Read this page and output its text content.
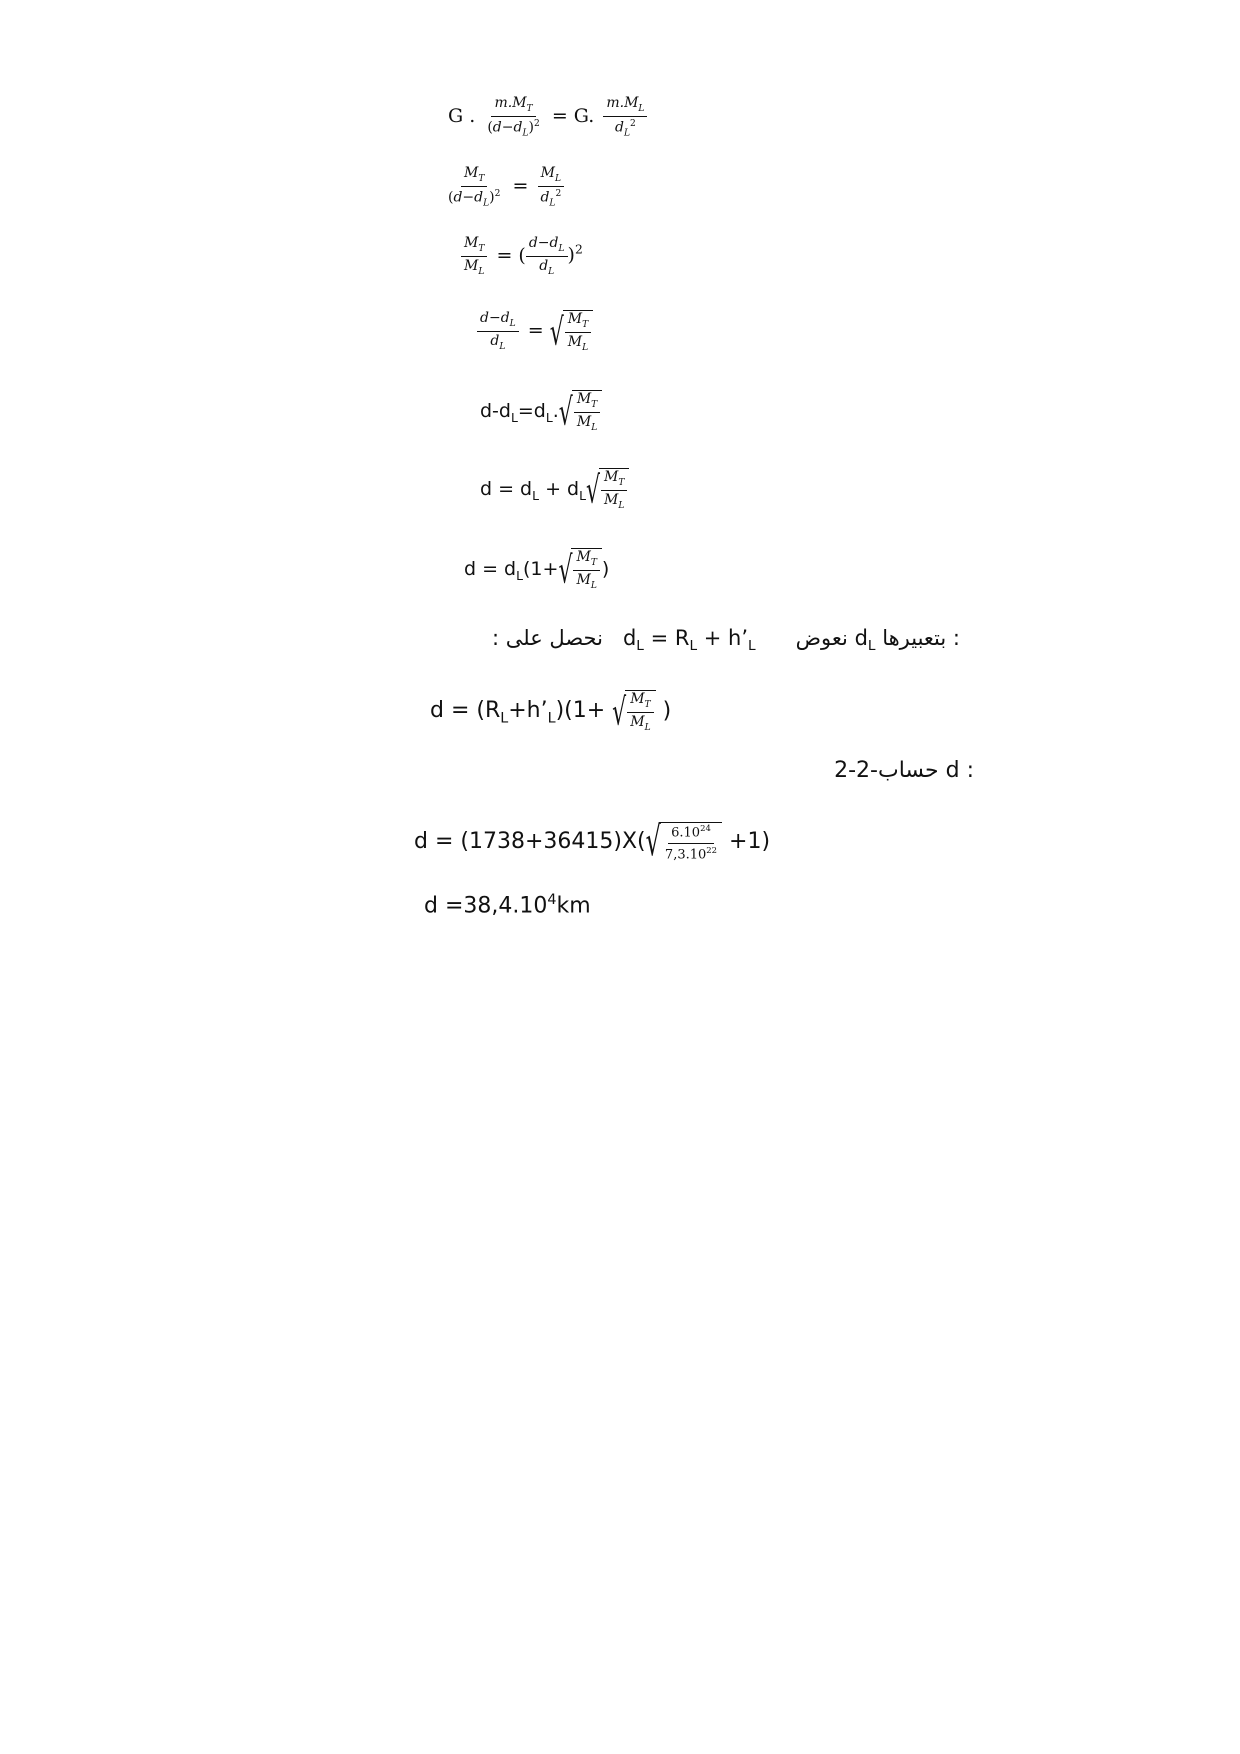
G . $\frac{m.M_T}{(d-d_L)^2} = G$. $\frac{m.M_L}{d_L^2}$
$\frac{M_T}{(d-d_L)^2} = \frac{M_L}{d_L^2}$
$\frac{M_T}{M_L}$ = ( $\frac{d-d_L}{d_L} )^2$
$\frac{d-d_L}{d_L}$ = √ $\frac{M_T}{M_L}$
$d-d_L=d_L$. √ $\frac{M_T}{M_L}$
$d = d_L + d_L$ √ $\frac{M_T}{M_L}$
$d = d_L(1+$ √ $\frac{M_T}{M_L}$ )
نحصل على :   $d_L = R_L$ + $h’_L$	: بتعبيرها $d_L$ نعوض
$d = (R_L+h’_L)(1+$ √ $\frac{M_T}{M_L}$ )
: d حساب-2-2
d = (1738+36415)X( √ $\frac{6.10^{24}}{7,3.10^{22}} +1$)
$d =38,4.10^4km$
